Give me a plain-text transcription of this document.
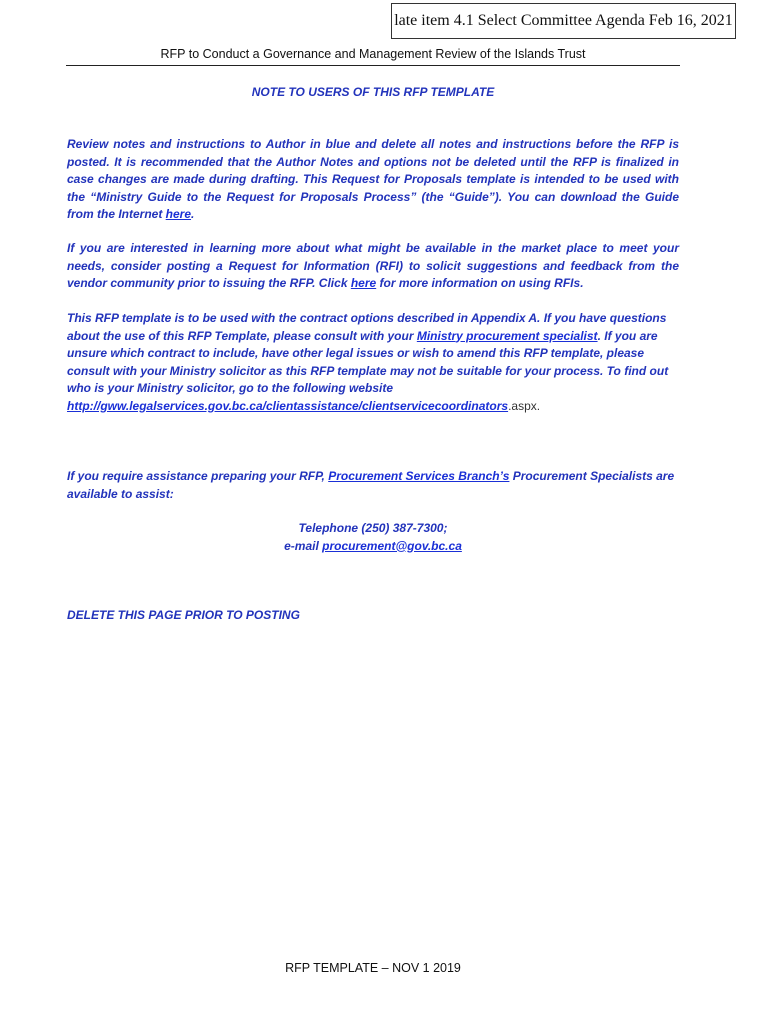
late item 4.1 Select Committee Agenda Feb 16, 2021
RFP to Conduct a Governance and Management Review of the Islands Trust
NOTE TO USERS OF THIS RFP TEMPLATE

Review notes and instructions to Author in blue and delete all notes and instructions before the RFP is posted. It is recommended that the Author Notes and options not be deleted until the RFP is finalized in case changes are made during drafting. This Request for Proposals template is intended to be used with the “Ministry Guide to the Request for Proposals Process” (the “Guide”). You can download the Guide from the Internet here.

If you are interested in learning more about what might be available in the market place to meet your needs, consider posting a Request for Information (RFI) to solicit suggestions and feedback from the vendor community prior to issuing the RFP. Click here for more information on using RFIs.

This RFP template is to be used with the contract options described in Appendix A. If you have questions about the use of this RFP Template, please consult with your Ministry procurement specialist. If you are unsure which contract to include, have other legal issues or wish to amend this RFP template, please consult with your Ministry solicitor as this RFP template may not be suitable for your process. To find out who is your Ministry solicitor, go to the following website http://gww.legalservices.gov.bc.ca/clientassistance/clientservicecoordinators.aspx.

If you require assistance preparing your RFP, Procurement Services Branch’s Procurement Specialists are available to assist:

Telephone (250) 387-7300;
e-mail procurement@gov.bc.ca
DELETE THIS PAGE PRIOR TO POSTING
RFP TEMPLATE – NOV 1 2019
